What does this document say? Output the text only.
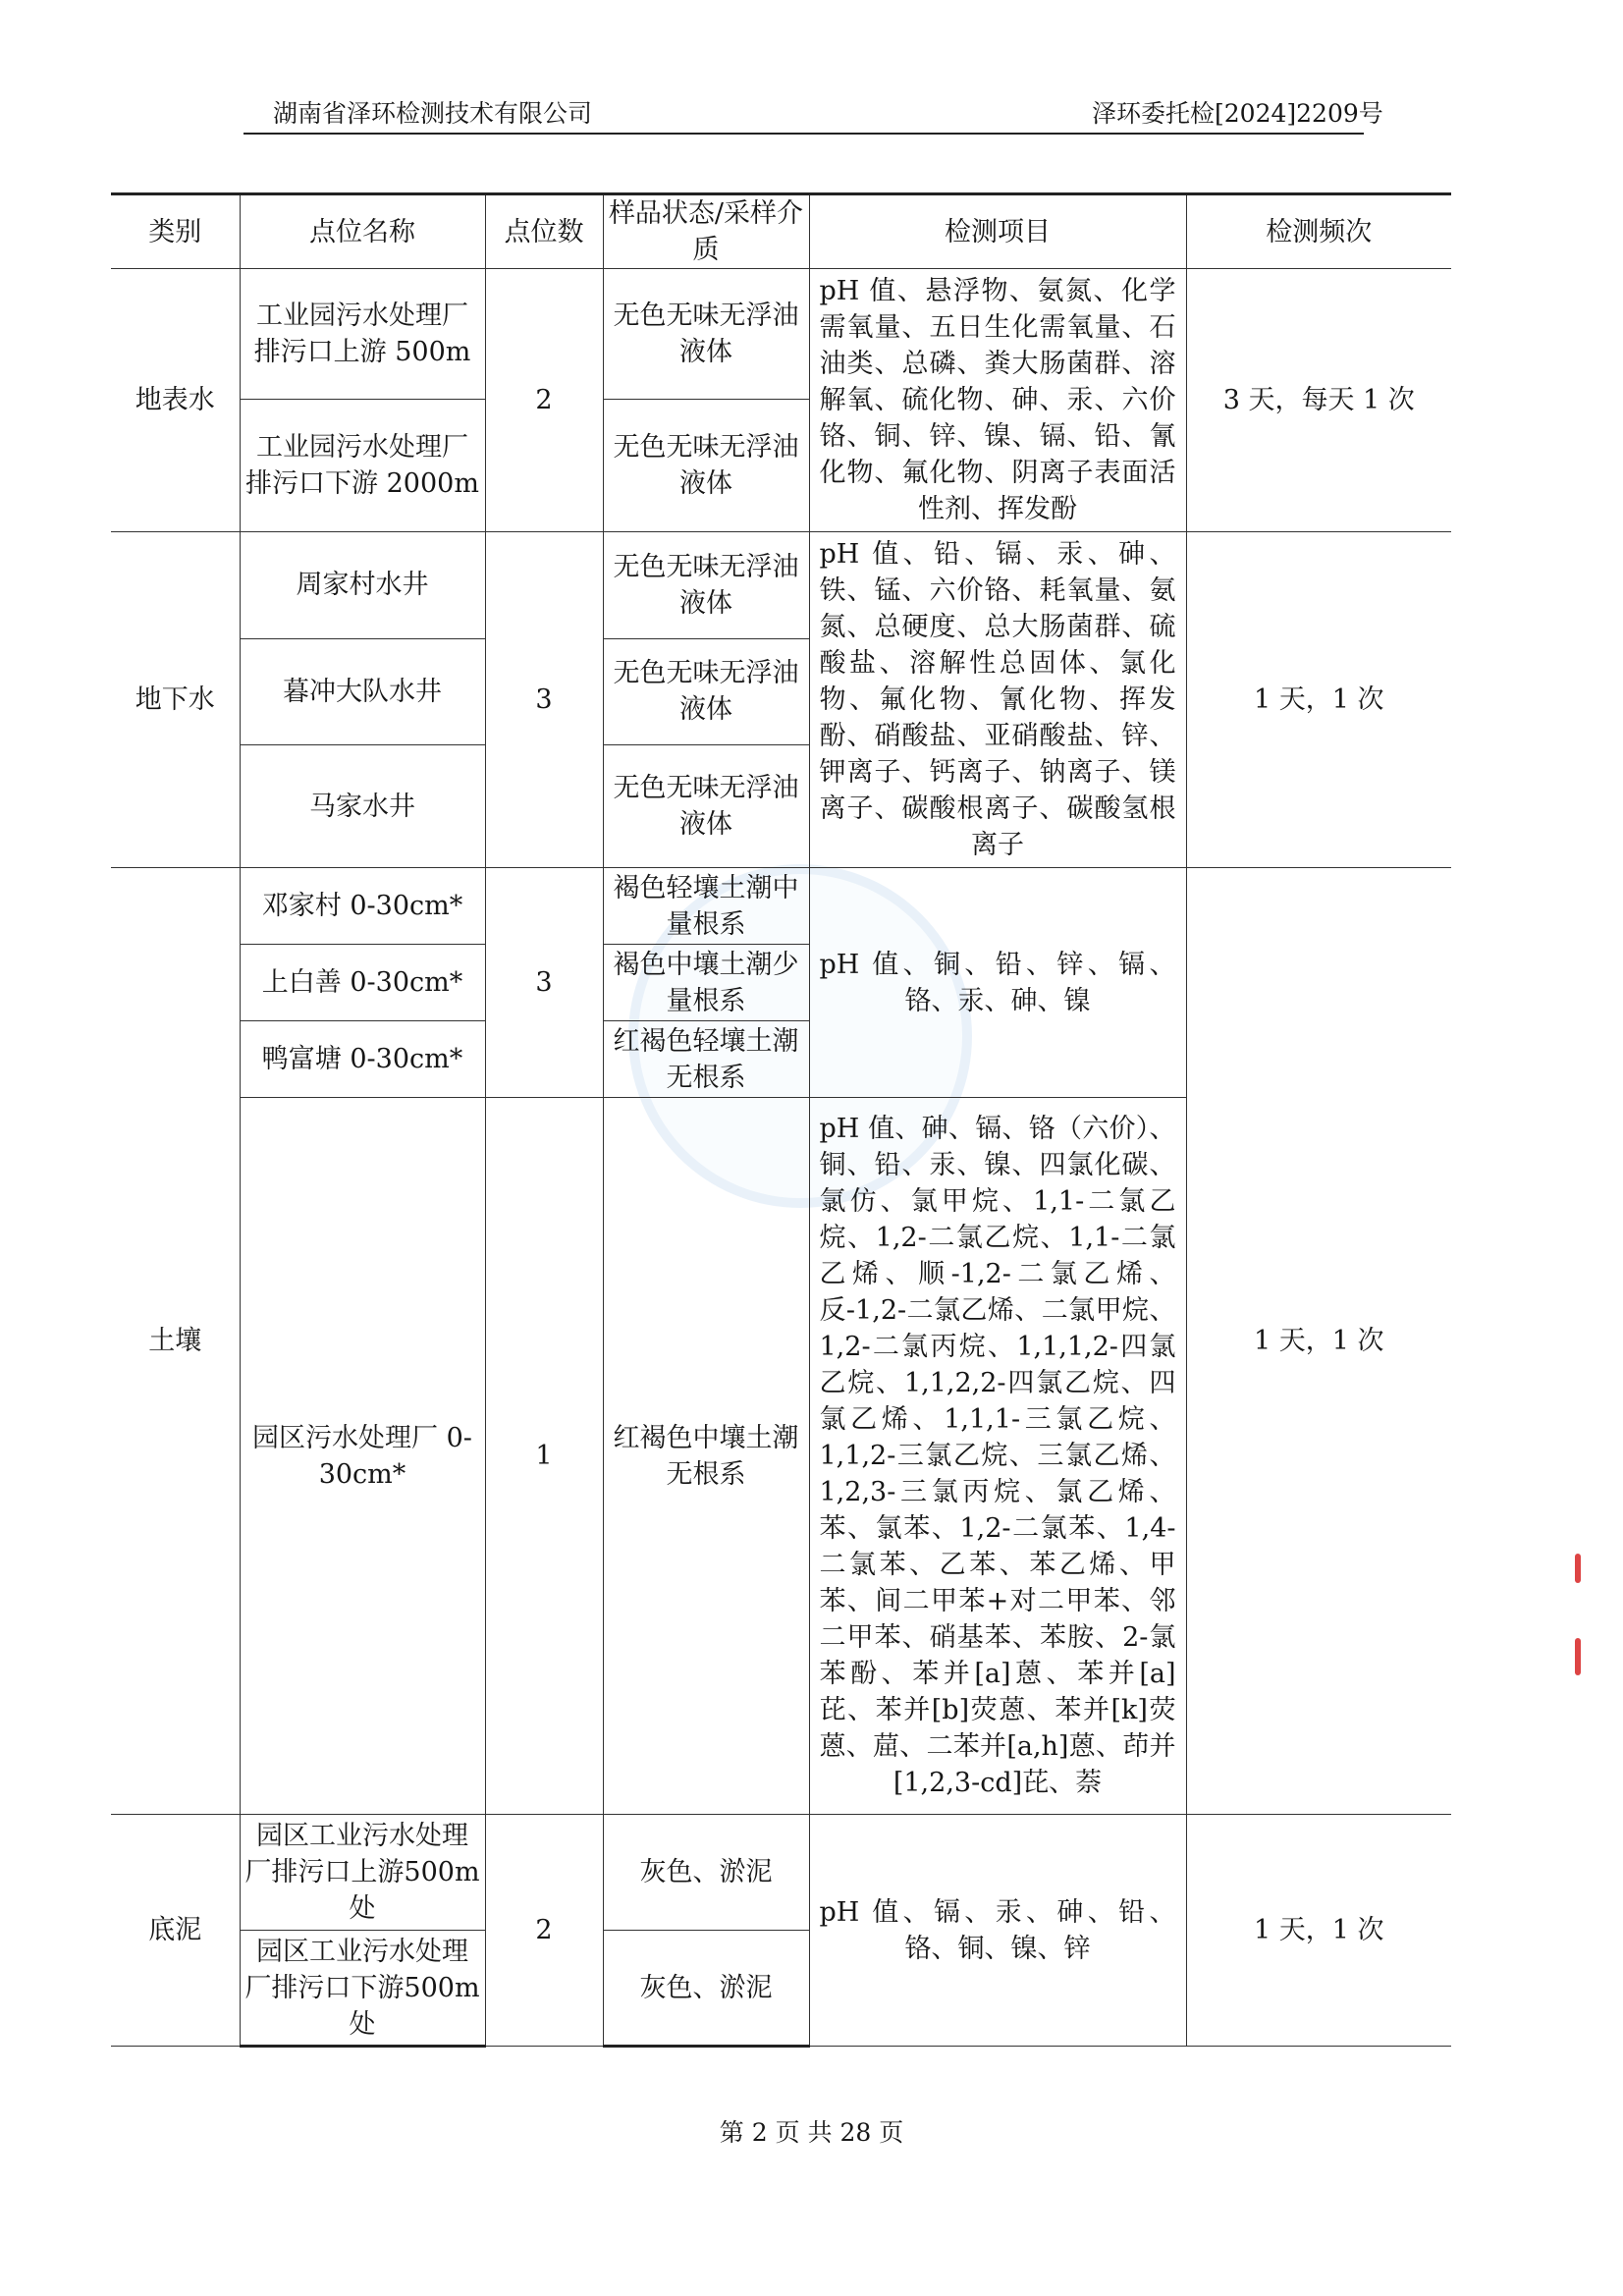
湖南省泽环检测技术有限公司	泽环委托检[2024]2209号
类别	点位名称	点位数	样品状态/采样介质	检测项目	检测频次
地表水	工业园污水处理厂排污口上游 500m	2	无色无味无浮油液体	pH 值、悬浮物、氨氮、化学需氧量、五日生化需氧量、石油类、总磷、粪大肠菌群、溶解氧、硫化物、砷、汞、六价铬、铜、锌、镍、镉、铅、氰化物、氟化物、阴离子表面活性剂、挥发酚	3 天，每天 1 次
	工业园污水处理厂排污口下游 2000m		无色无味无浮油液体		
地下水	周家村水井	3	无色无味无浮油液体	pH 值、铅、镉、汞、砷、铁、锰、六价铬、耗氧量、氨氮、总硬度、总大肠菌群、硫酸盐、溶解性总固体、氯化物、氟化物、氰化物、挥发酚、硝酸盐、亚硝酸盐、锌、钾离子、钙离子、钠离子、镁离子、碳酸根离子、碳酸氢根离子	1 天，1 次
	暮冲大队水井		无色无味无浮油液体		
	马家水井		无色无味无浮油液体		
土壤	邓家村 0-30cm*	3	褐色轻壤土潮中量根系	pH 值、铜、铅、锌、镉、铬、汞、砷、镍	1 天，1 次
	上白善 0-30cm*		褐色中壤土潮少量根系		
	鸭富塘 0-30cm*		红褐色轻壤土潮无根系		
	园区污水处理厂 0-30cm*	1	红褐色中壤土潮无根系	pH 值、砷、镉、铬（六价）、铜、铅、汞、镍、四氯化碳、氯仿、氯甲烷、1,1-二氯乙烷、1,2-二氯乙烷、1,1-二氯乙烯、顺-1,2-二氯乙烯、反-1,2-二氯乙烯、二氯甲烷、1,2-二氯丙烷、1,1,1,2-四氯乙烷、1,1,2,2-四氯乙烷、四氯乙烯、1,1,1-三氯乙烷、1,1,2-三氯乙烷、三氯乙烯、1,2,3-三氯丙烷、氯乙烯、苯、氯苯、1,2-二氯苯、1,4-二氯苯、乙苯、苯乙烯、甲苯、间二甲苯+对二甲苯、邻二甲苯、硝基苯、苯胺、2-氯苯酚、苯并[a]蒽、苯并[a]芘、苯并[b]荧蒽、苯并[k]荧蒽、䓛、二苯并[a,h]蒽、茚并[1,2,3-cd]芘、萘	
底泥	园区工业污水处理厂排污口上游500m 处	2	灰色、淤泥	pH 值、镉、汞、砷、铅、铬、铜、镍、锌	1 天，1 次
	园区工业污水处理厂排污口下游500m 处		灰色、淤泥		
第 2 页 共 28 页
